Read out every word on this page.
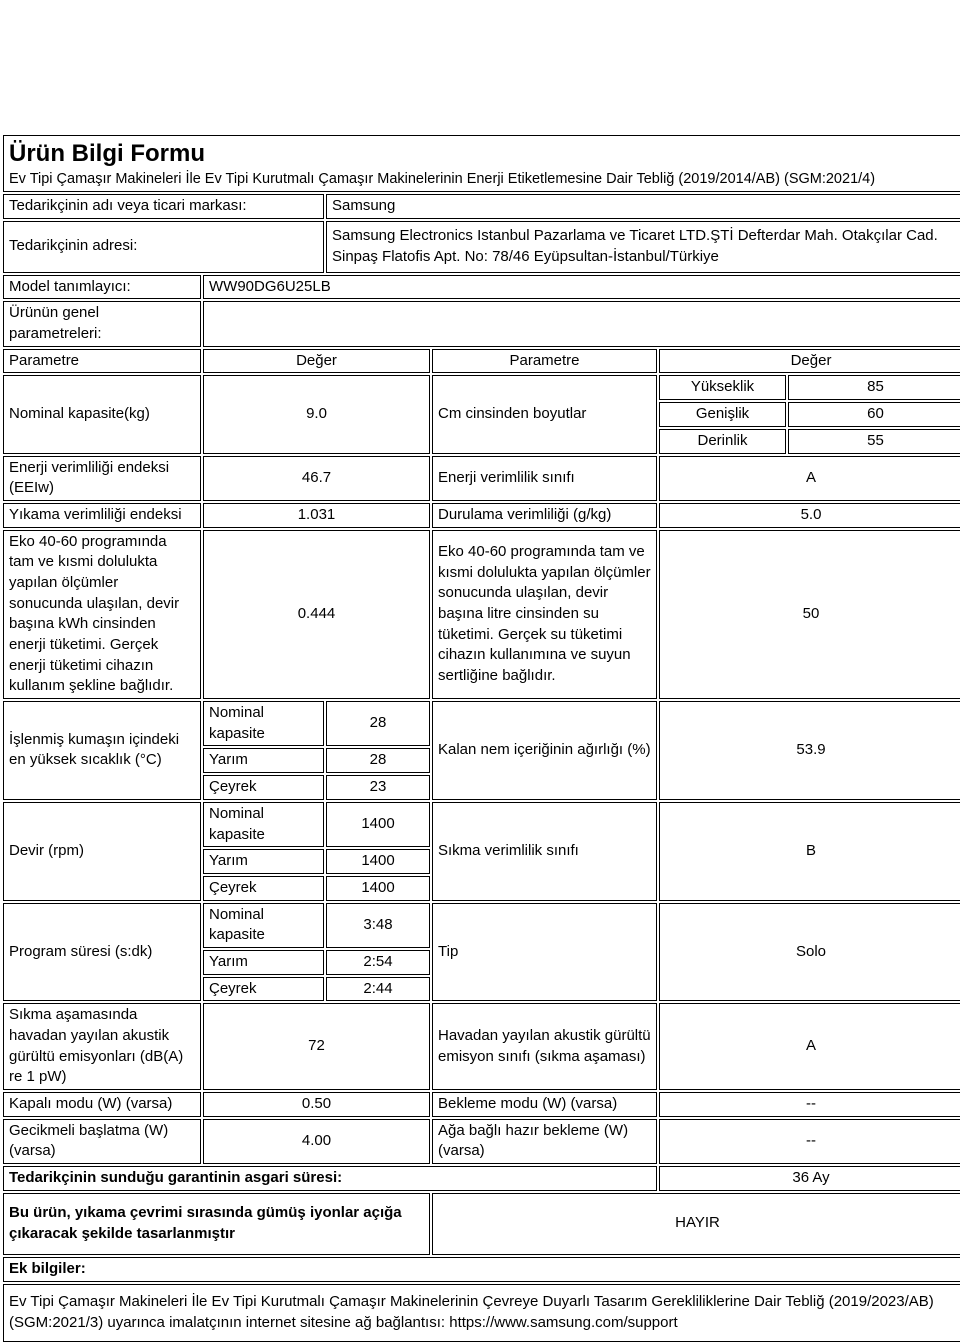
Ürün Bilgi Formu
Ev Tipi Çamaşır Makineleri İle Ev Tipi Kurutmalı Çamaşır Makinelerinin Enerji Etiketlemesine Dair Tebliğ (2019/2014/AB) (SGM:2021/4)					

Tedarikçinin adı veya ticari markası:		Samsung			
Tedarikçinin adresi:		Samsung Electronics Istanbul Pazarlama ve Ticaret LTD.ŞTİ Defterdar Mah. Otakçılar Cad. Sinpaş Flatofis Apt. No: 78/46 Eyüpsultan-İstanbul/Türkiye			
Model tanımlayıcı:	WW90DG6U25LB				
Ürünün genel parametreleri:					
Parametre	Değer		Parametre	Değer	
Nominal kapasite(kg)	9.0		Cm cinsinden boyutlar	Yükseklik	85
				Genişlik	60
				Derinlik	55
Enerji verimliliği endeksi (EEIw)	46.7		Enerji verimlilik sınıfı	A	
Yıkama verimliliği endeksi	1.031		Durulama verimliliği (g/kg)	5.0	
Eko 40-60 programında tam ve kısmi dolulukta yapılan ölçümler sonucunda ulaşılan, devir başına kWh cinsinden enerji tüketimi. Gerçek enerji tüketimi cihazın kullanım şekline bağlıdır.	0.444		Eko 40-60 programında tam ve kısmi dolulukta yapılan ölçümler sonucunda ulaşılan, devir başına litre cinsinden su tüketimi. Gerçek su tüketimi cihazın kullanımına ve suyun sertliğine bağlıdır.	50	
İşlenmiş kumaşın içindeki en yüksek sıcaklık (°C)	Nominal kapasite	28	Kalan nem içeriğinin ağırlığı (%)	53.9	
	Yarım	28			
	Çeyrek	23			
Devir (rpm)	Nominal kapasite	1400	Sıkma verimlilik sınıfı	B	
	Yarım	1400			
	Çeyrek	1400			
Program süresi (s:dk)	Nominal kapasite	3:48	Tip	Solo	
	Yarım	2:54			
	Çeyrek	2:44			
Sıkma aşamasında havadan yayılan akustik gürültü emisyonları (dB(A) re 1 pW)	72		Havadan yayılan akustik gürültü emisyon sınıfı (sıkma aşaması)	A	
Kapalı modu (W) (varsa)	0.50		Bekleme modu (W) (varsa)	--	
Gecikmeli başlatma (W) (varsa)	4.00		Ağa bağlı hazır bekleme (W) (varsa)	--	
Tedarikçinin sunduğu garantinin asgari süresi:				36 Ay	
Bu ürün, yıkama çevrimi sırasında gümüş iyonlar açığa çıkaracak şekilde tasarlanmıştır			HAYIR		
Ek bilgiler:					
Ev Tipi Çamaşır Makineleri İle Ev Tipi Kurutmalı Çamaşır Makinelerinin Çevreye Duyarlı Tasarım Gerekliliklerine Dair Tebliğ (2019/2023/AB) (SGM:2021/3) uyarınca imalatçının internet sitesine ağ bağlantısı: https://www.samsung.com/support					
